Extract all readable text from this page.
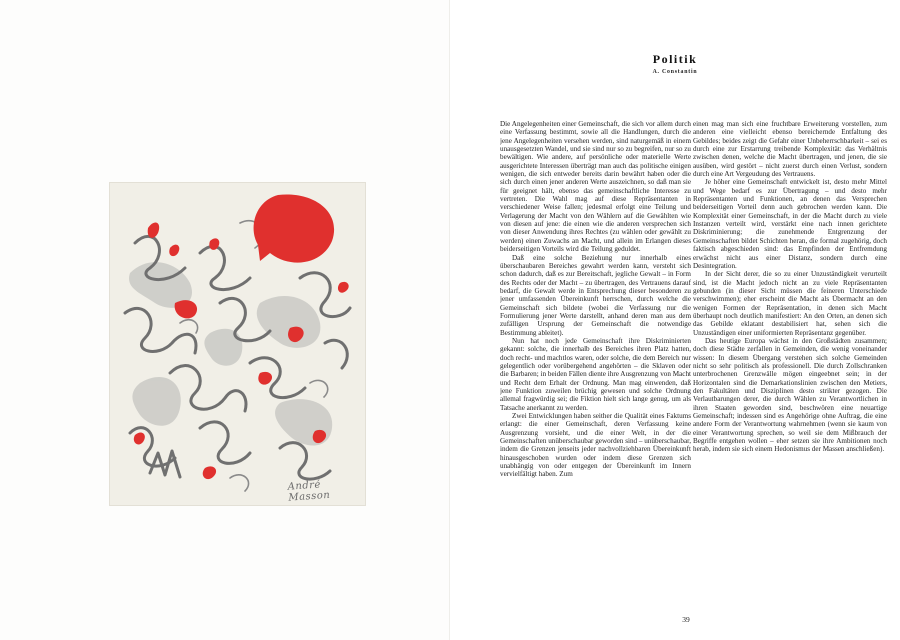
André Masson
Politik
A. Constantin

Die Angelegenheiten einer Gemeinschaft, die sich vor allem durch eine Verfassung bestimmt, sowie all die Handlungen, durch die jene Angelegenheiten versehen werden, sind naturgemäß in einem unausgesetzten Wandel, und sie sind nur so zu begreifen, nur so zu bewältigen. Wie andere, auf persönliche oder materielle Werte ausgerichtete Interessen überträgt man auch das politische einigen wenigen, die sich entweder bereits darin bewährt haben oder die sich durch einen jener anderen Werte auszeichnen, so daß man sie für geeignet hält, ebenso das gemeinschaftliche Interesse zu vertreten. Die Wahl mag auf diese Repräsentanten in verschiedener Weise fallen; jedesmal erfolgt eine Teilung und Verlagerung der Macht von den Wählern auf die Gewählten wie von diesen auf jene: die einen wie die anderen versprechen sich von dieser Anwendung ihres Rechtes (zu wählen oder gewählt zu werden) einen Zuwachs an Macht, und allein im Erlangen dieses beiderseitigen Vorteils wird die Teilung geduldet.

Daß eine solche Beziehung nur innerhalb eines überschaubaren Bereiches gewahrt werden kann, versteht sich schon dadurch, daß es zur Bereitschaft, jegliche Gewalt – in Form des Rechts oder der Macht – zu übertragen, des Vertrauens darauf bedarf, die Gewalt werde in Entsprechung dieser besonderen zu jener umfassenden Übereinkunft herrschen, durch welche die Gemeinschaft sich bildete (wobei die Verfassung nur die Formulierung jener Werte darstellt, anhand deren man aus dem zufälligen Ursprung der Gemeinschaft die notwendige Bestimmung ableitet).

Nun hat noch jede Gemeinschaft ihre Diskriminierten gekannt: solche, die innerhalb des Bereiches ihren Platz hatten, doch recht- und machtlos waren, oder solche, die dem Bereich nur gelegentlich oder vorübergehend angehörten – die Sklaven oder die Barbaren; in beiden Fällen diente ihre Ausgrenzung von Macht und Recht dem Erhalt der Ordnung. Man mag einwenden, daß jene Funktion zuweilen brüchig gewesen und solche Ordnung allemal fragwürdig sei; die Fiktion hielt sich lange genug, um als Tatsache anerkannt zu werden.

Zwei Entwicklungen haben seither die Qualität eines Faktums erlangt: die einer Gemeinschaft, deren Verfassung keine Ausgrenzung vorsieht, und die einer Welt, in der die Gemeinschaften unüberschaubar geworden sind – unüberschaubar, indem die Grenzen jenseits jeder nachvollziehbaren Übereinkunft hinausgeschoben wurden oder indem diese Grenzen sich unabhängig von oder entgegen der Übereinkunft im Innern vervielfältigt haben. Zum

einen mag man sich eine fruchtbare Erweiterung vorstellen, zum anderen eine vielleicht ebenso bereichernde Entfaltung des Gebildes; beides zeigt die Gefahr einer Unbeherrschbarkeit – sei es durch eine zur Erstarrung treibende Komplexität: das Verhältnis zwischen denen, welche die Macht übertragen, und jenen, die sie ausüben, wird gestört – nicht zuerst durch einen Verlust, sondern durch eine Art Vergeudung des Vertrauens.

Je höher eine Gemeinschaft entwickelt ist, desto mehr Mittel und Wege bedarf es zur Übertragung – und desto mehr Repräsentanten und Funktionen, an denen das Versprechen beiderseitigen Vorteil denn auch gebrochen werden kann. Die Komplexität einer Gemeinschaft, in der die Macht durch zu viele Instanzen verteilt wird, verstärkt eine nach innen gerichtete Diskriminierung; die zunehmende Entgrenzung der Gemeinschaften bildet Schichten heran, die formal zugehörig, doch faktisch abgeschieden sind: das Empfinden der Entfremdung erwächst nicht aus einer Distanz, sondern durch eine Desintegration.

In der Sicht derer, die so zu einer Unzuständigkeit verurteilt sind, ist die Macht jedoch nicht an zu viele Repräsentanten gebunden (in dieser Sicht müssen die feineren Unterschiede verschwimmen); eher erscheint die Macht als Übermacht an den wenigen Formen der Repräsentation, in denen sich Macht überhaupt noch deutlich manifestiert: An den Orten, an denen sich das Gebilde eklatant destabilisiert hat, sehen sich die Unzuständigen einer uniformierten Repräsentanz gegenüber.

Das heutige Europa wächst in den Großstädten zusammen; doch diese Städte zerfallen in Gemeinden, die wenig voneinander wissen: In diesem Übergang verstehen sich solche Gemeinden nicht so sehr politisch als professionell. Die durch Zollschranken unterbrochenen Grenzwälle mögen eingeebnet sein; in der Horizontalen sind die Demarkationslinien zwischen den Metiers, den Fakultäten und Disziplinen desto strikter gezogen. Die Verlautbarungen derer, die durch Wählen zu Verantwortlichen in ihren Staaten geworden sind, beschwören eine neuartige Gemeinschaft; indessen sind es Angehörige ohne Auftrag, die eine andere Form der Verantwortung wahrnehmen (wenn sie kaum von einer Verantwortung sprechen, so weil sie dem Mißbrauch der Begriffe entgehen wollen – eher setzen sie ihre Ambitionen noch herab, indem sie sich einem Hedonismus der Massen anschließen).

39
